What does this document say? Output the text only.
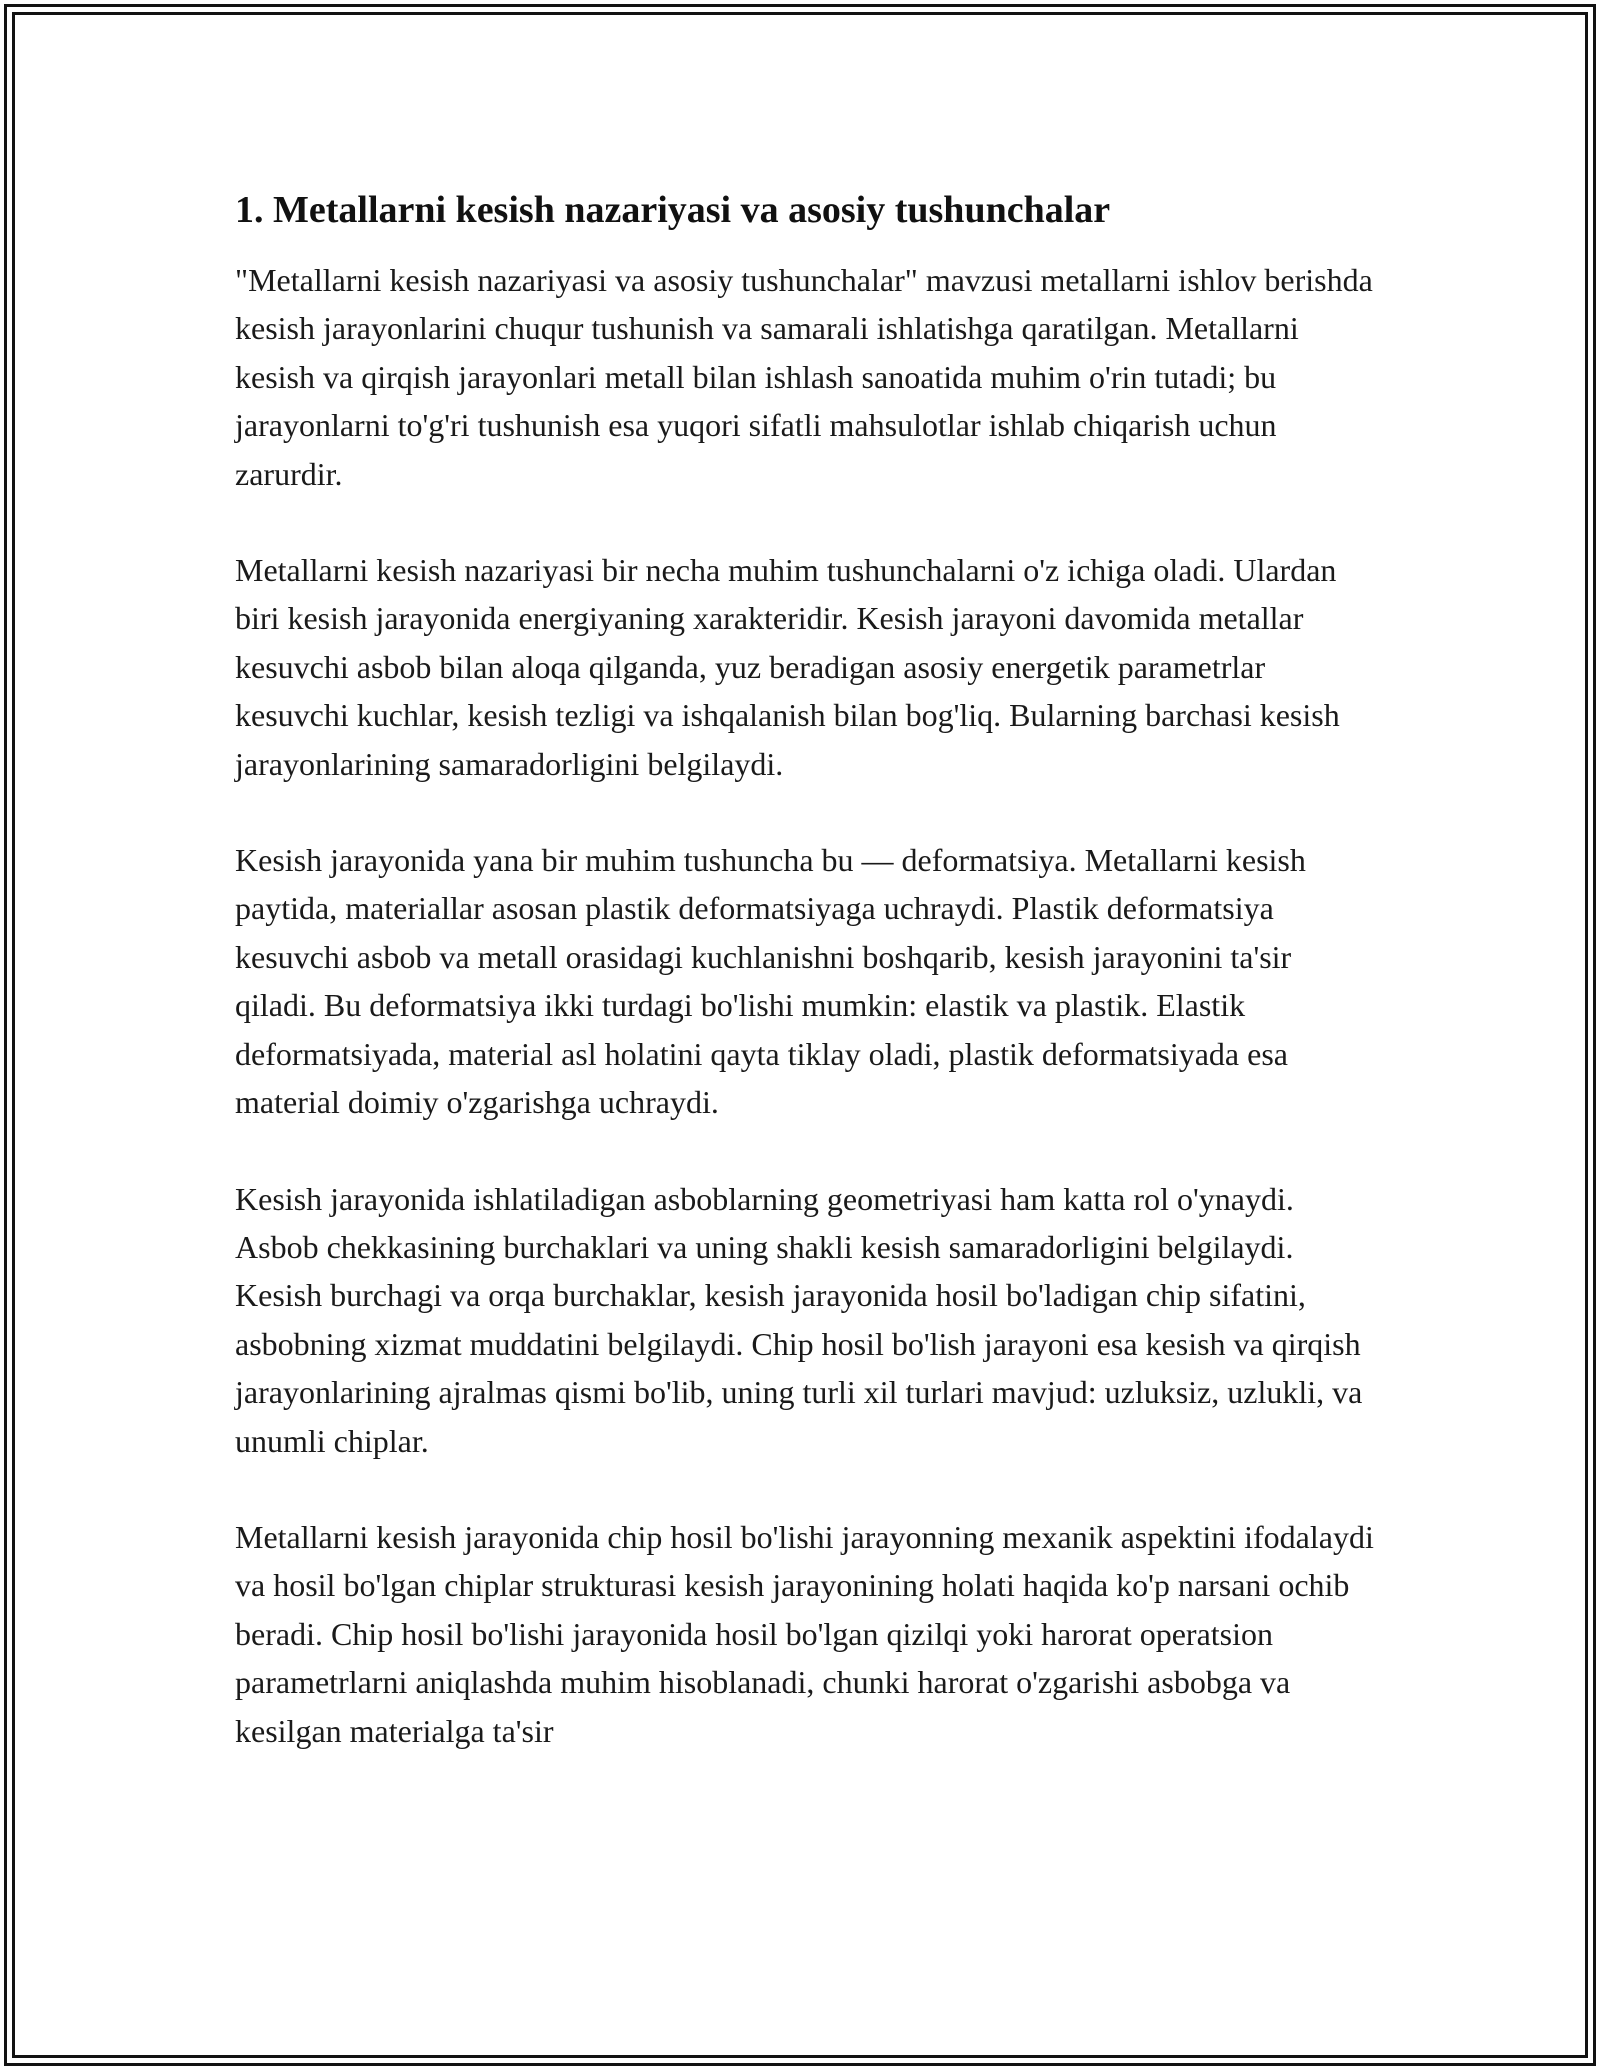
1. Metallarni kesish nazariyasi va asosiy tushunchalar

"Metallarni kesish nazariyasi va asosiy tushunchalar" mavzusi metallarni ishlov berishda kesish jarayonlarini chuqur tushunish va samarali ishlatishga qaratilgan. Metallarni kesish va qirqish jarayonlari metall bilan ishlash sanoatida muhim o'rin tutadi; bu jarayonlarni to'g'ri tushunish esa yuqori sifatli mahsulotlar ishlab chiqarish uchun zarurdir.

Metallarni kesish nazariyasi bir necha muhim tushunchalarni o'z ichiga oladi. Ulardan biri kesish jarayonida energiyaning xarakteridir. Kesish jarayoni davomida metallar kesuvchi asbob bilan aloqa qilganda, yuz beradigan asosiy energetik parametrlar kesuvchi kuchlar, kesish tezligi va ishqalanish bilan bog'liq. Bularning barchasi kesish jarayonlarining samaradorligini belgilaydi.

Kesish jarayonida yana bir muhim tushuncha bu — deformatsiya. Metallarni kesish paytida, materiallar asosan plastik deformatsiyaga uchraydi. Plastik deformatsiya kesuvchi asbob va metall orasidagi kuchlanishni boshqarib, kesish jarayonini ta'sir qiladi. Bu deformatsiya ikki turdagi bo'lishi mumkin: elastik va plastik. Elastik deformatsiyada, material asl holatini qayta tiklay oladi, plastik deformatsiyada esa material doimiy o'zgarishga uchraydi.

Kesish jarayonida ishlatiladigan asboblarning geometriyasi ham katta rol o'ynaydi. Asbob chekkasining burchaklari va uning shakli kesish samaradorligini belgilaydi. Kesish burchagi va orqa burchaklar, kesish jarayonida hosil bo'ladigan chip sifatini, asbobning xizmat muddatini belgilaydi. Chip hosil bo'lish jarayoni esa kesish va qirqish jarayonlarining ajralmas qismi bo'lib, uning turli xil turlari mavjud: uzluksiz, uzlukli, va unumli chiplar.

Metallarni kesish jarayonida chip hosil bo'lishi jarayonning mexanik aspektini ifodalaydi va hosil bo'lgan chiplar strukturasi kesish jarayonining holati haqida ko'p narsani ochib beradi. Chip hosil bo'lishi jarayonida hosil bo'lgan qizilqi yoki harorat operatsion parametrlarni aniqlashda muhim hisoblanadi, chunki harorat o'zgarishi asbobga va kesilgan materialga ta'sir
